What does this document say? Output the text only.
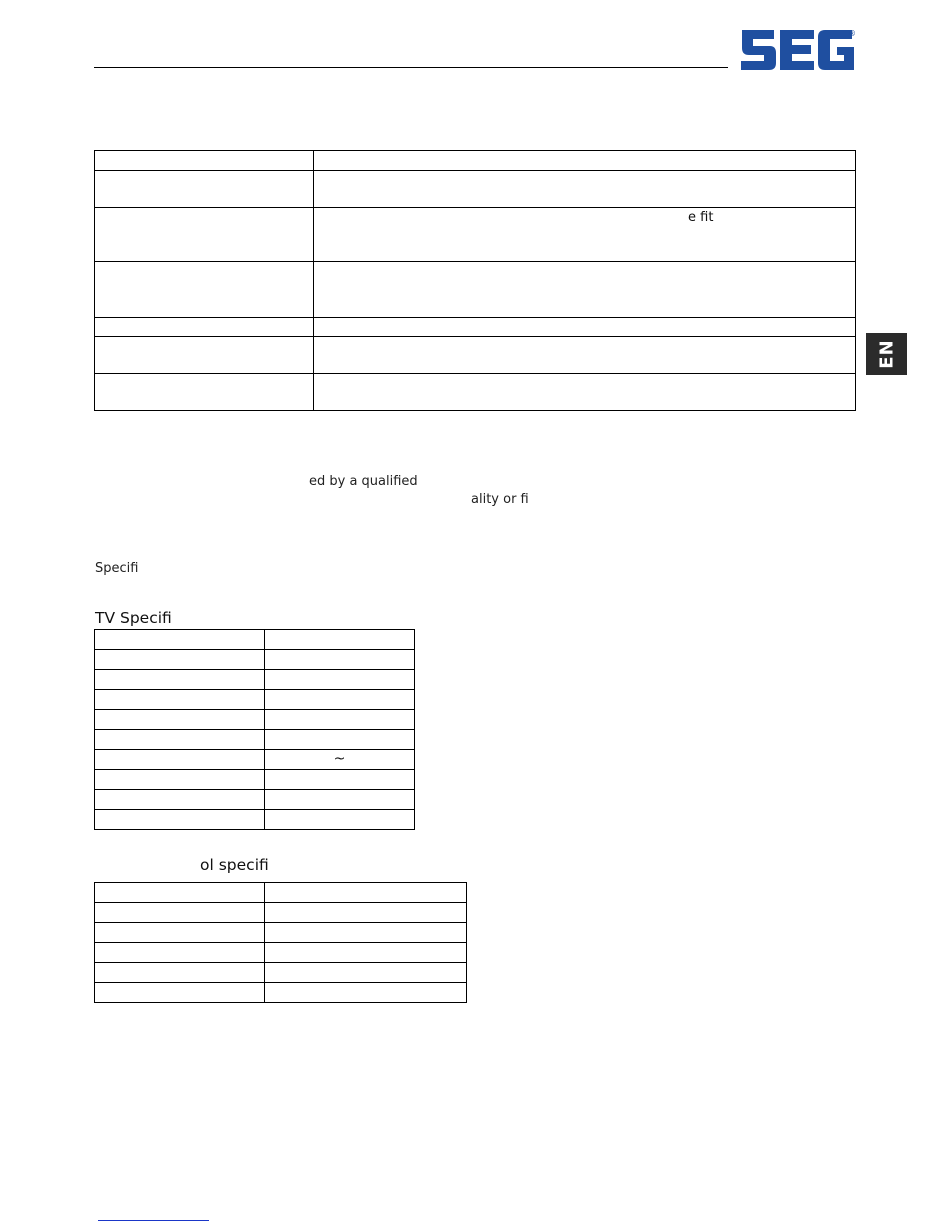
®
EN

	e fit

ed by a qualified
ality or fi
Specifi
TV Specifi

	~

ol specifi
